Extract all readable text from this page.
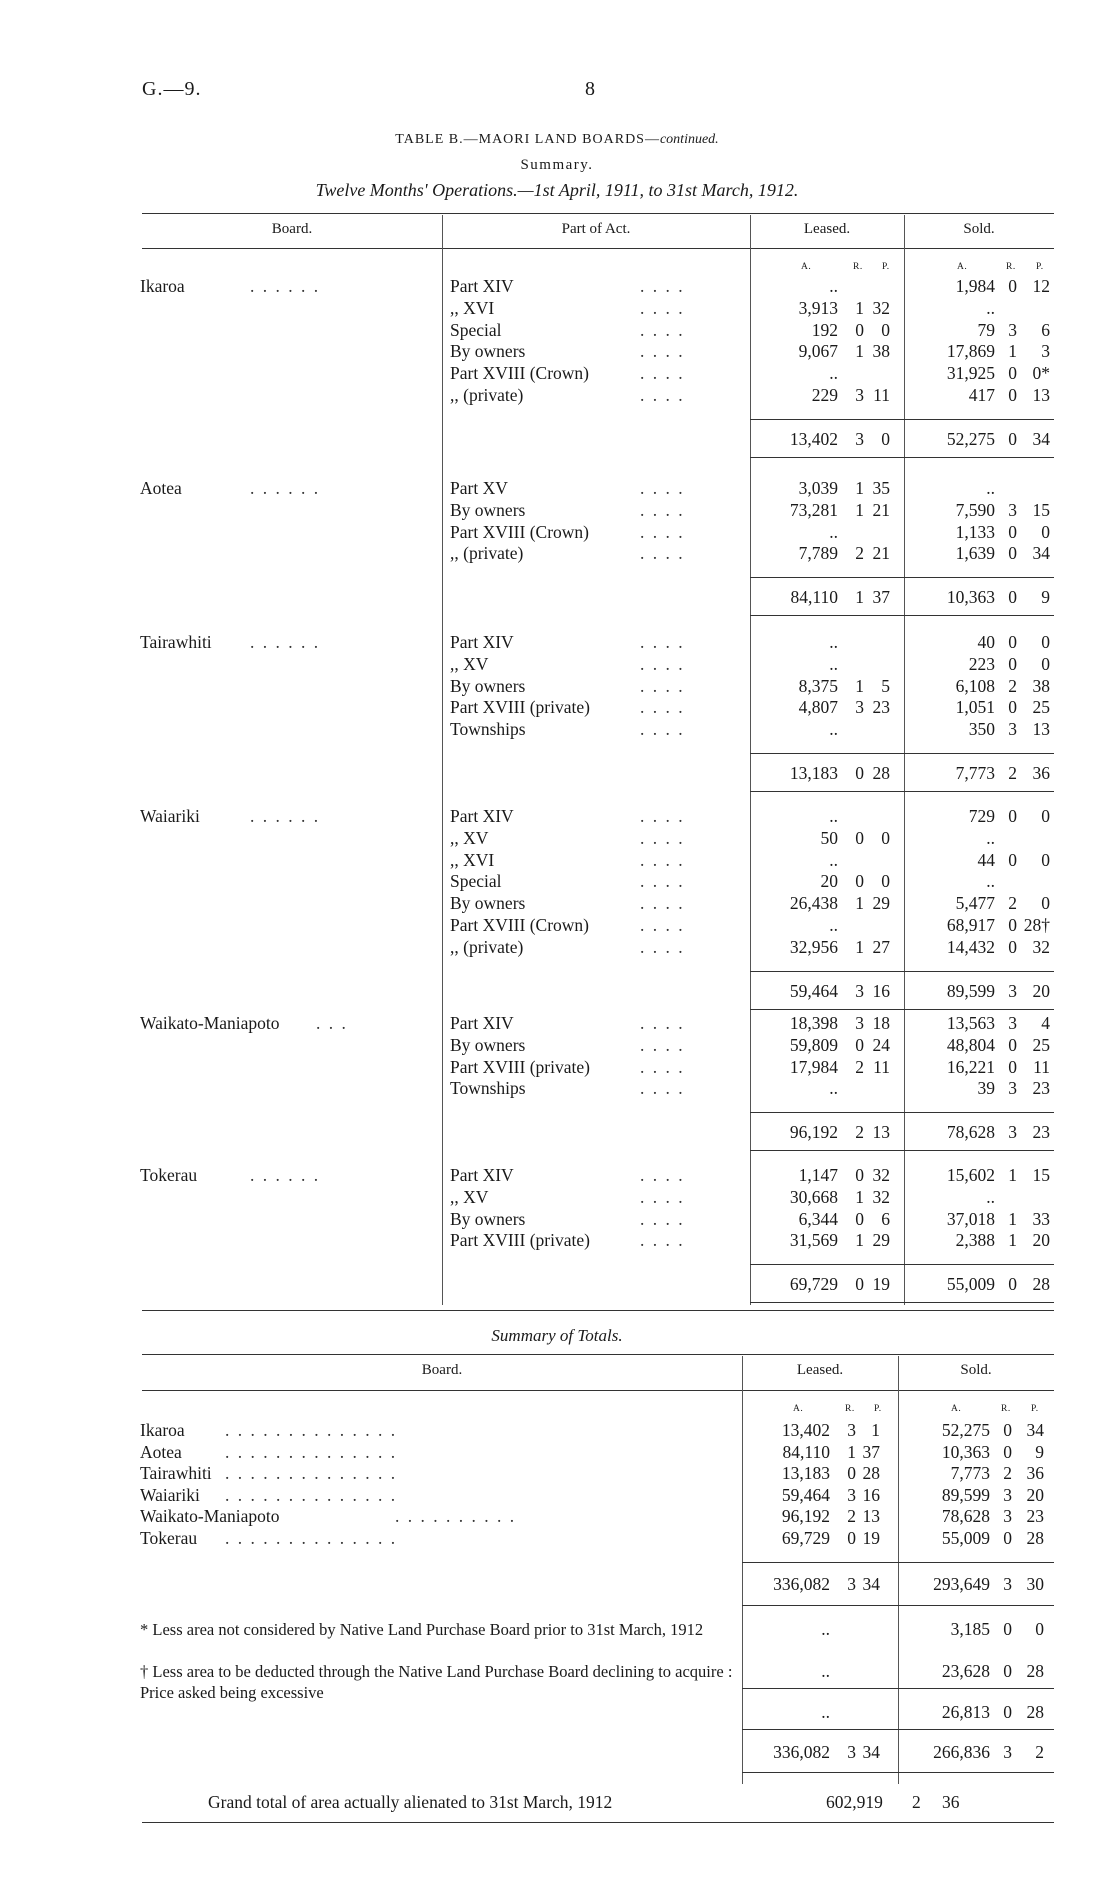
G.—9.	8
TABLE B.—MAORI LAND BOARDS—continued.
Summary.
Twelve Months' Operations.—1st April, 1911, to 31st March, 1912.
Board.	Part of Act.	Leased.	Sold.
A.	R. P.	A.	R. P.
Ikaroa	. . . . . .	Part XIV	. . . .	..	1,984 0 12
,, XVI	. . . .	3,913 1 32	..
Special	. . . .	192 0 0	79 3	6
By owners	. . . .	9,067 1 38	17,869 1	3
Part XVIII (Crown)	. . . .	..	31,925 0 0*
,, (private)	. . . .	229 3 11	417 0 13
13,402 3 0	52,275 0 34
Aotea	. . . . . .	Part XV	. . . .	3,039 1 35	..
By owners	. . . .	73,281 1 21	7,590 3 15
Part XVIII (Crown)	. . . .	..	1,133 0	0
,, (private)	. . . .	7,789 2 21	1,639 0 34
84,110 1 37	10,363 0	9
Tairawhiti . . . . . .	Part XIV	. . . .	..	40 0	0
,, XV	. . . .	..	223 0	0
By owners	. . . .	8,375 1 5	6,108 2 38
Part XVIII (private)	. . . .	4,807 3 23	1,051 0 25
Townships	. . . .	..	350 3 13
13,183 0 28	7,773 2 36
Waiariki	. . . . . .	Part XIV	. . . .	..	729 0	0
,, XV	. . . .	50 0 0	..
,, XVI	. . . .	..	44 0	0
Special	. . . .	20 0 0	..
By owners	. . . .	26,438 1 29	5,477 2	0
Part XVIII (Crown)	. . . .	..	68,917 0 28†
,, (private)	. . . .	32,956 1 27	14,432 0 32
59,464 3 16	89,599 3 20
Waikato-Maniapoto . . .	Part XIV	. . . .	18,398 3 18	13,563 3	4
By owners	. . . .	59,809 0 24	48,804 0 25
Part XVIII (private)	. . . .	17,984 2 11	16,221 0 11
Townships	. . . .	..	39 3 23
96,192 2 13	78,628 3 23
Tokerau	. . . . . .	Part XIV	. . . .	1,147 0 32	15,602 1 15
,, XV	. . . .	30,668 1 32	..
By owners	. . . .	6,344 0 6	37,018 1 33
Part XVIII (private)	. . . .	31,569 1 29	2,388 1 20
69,729 0 19	55,009 0 28
Summary of Totals.
Board.	Leased.	Sold.
A.	R. P.	A.	R. P.
Ikaroa . . . . . . . . . . . . . .	13,402 3 1	52,275 0 34
Aotea . . . . . . . . . . . . . .	84,110 1 37	10,363 0	9
Tairawhiti . . . . . . . . . . . . . .	13,183 0 28	7,773 2 36
Waiariki . . . . . . . . . . . . . .	59,464 3 16	89,599 3 20
Waikato-Maniapoto	. . . . . . . . . .	96,192 2 13	78,628 3 23
Tokerau . . . . . . . . . . . . . .	69,729 0 19	55,009 0 28
336,082 3 34	293,649 3 30
..	3,185 0	0
..	23,628 0 28
..	26,813 0 28
336,082 3 34	266,836 3	2
* Less area not considered by Native Land Purchase Board prior to 31st March, 1912
† Less area to be deducted through the Native Land Purchase Board declining to acquire : Price asked being excessive
Grand total of area actually alienated to 31st March, 1912	602,919 2 36
